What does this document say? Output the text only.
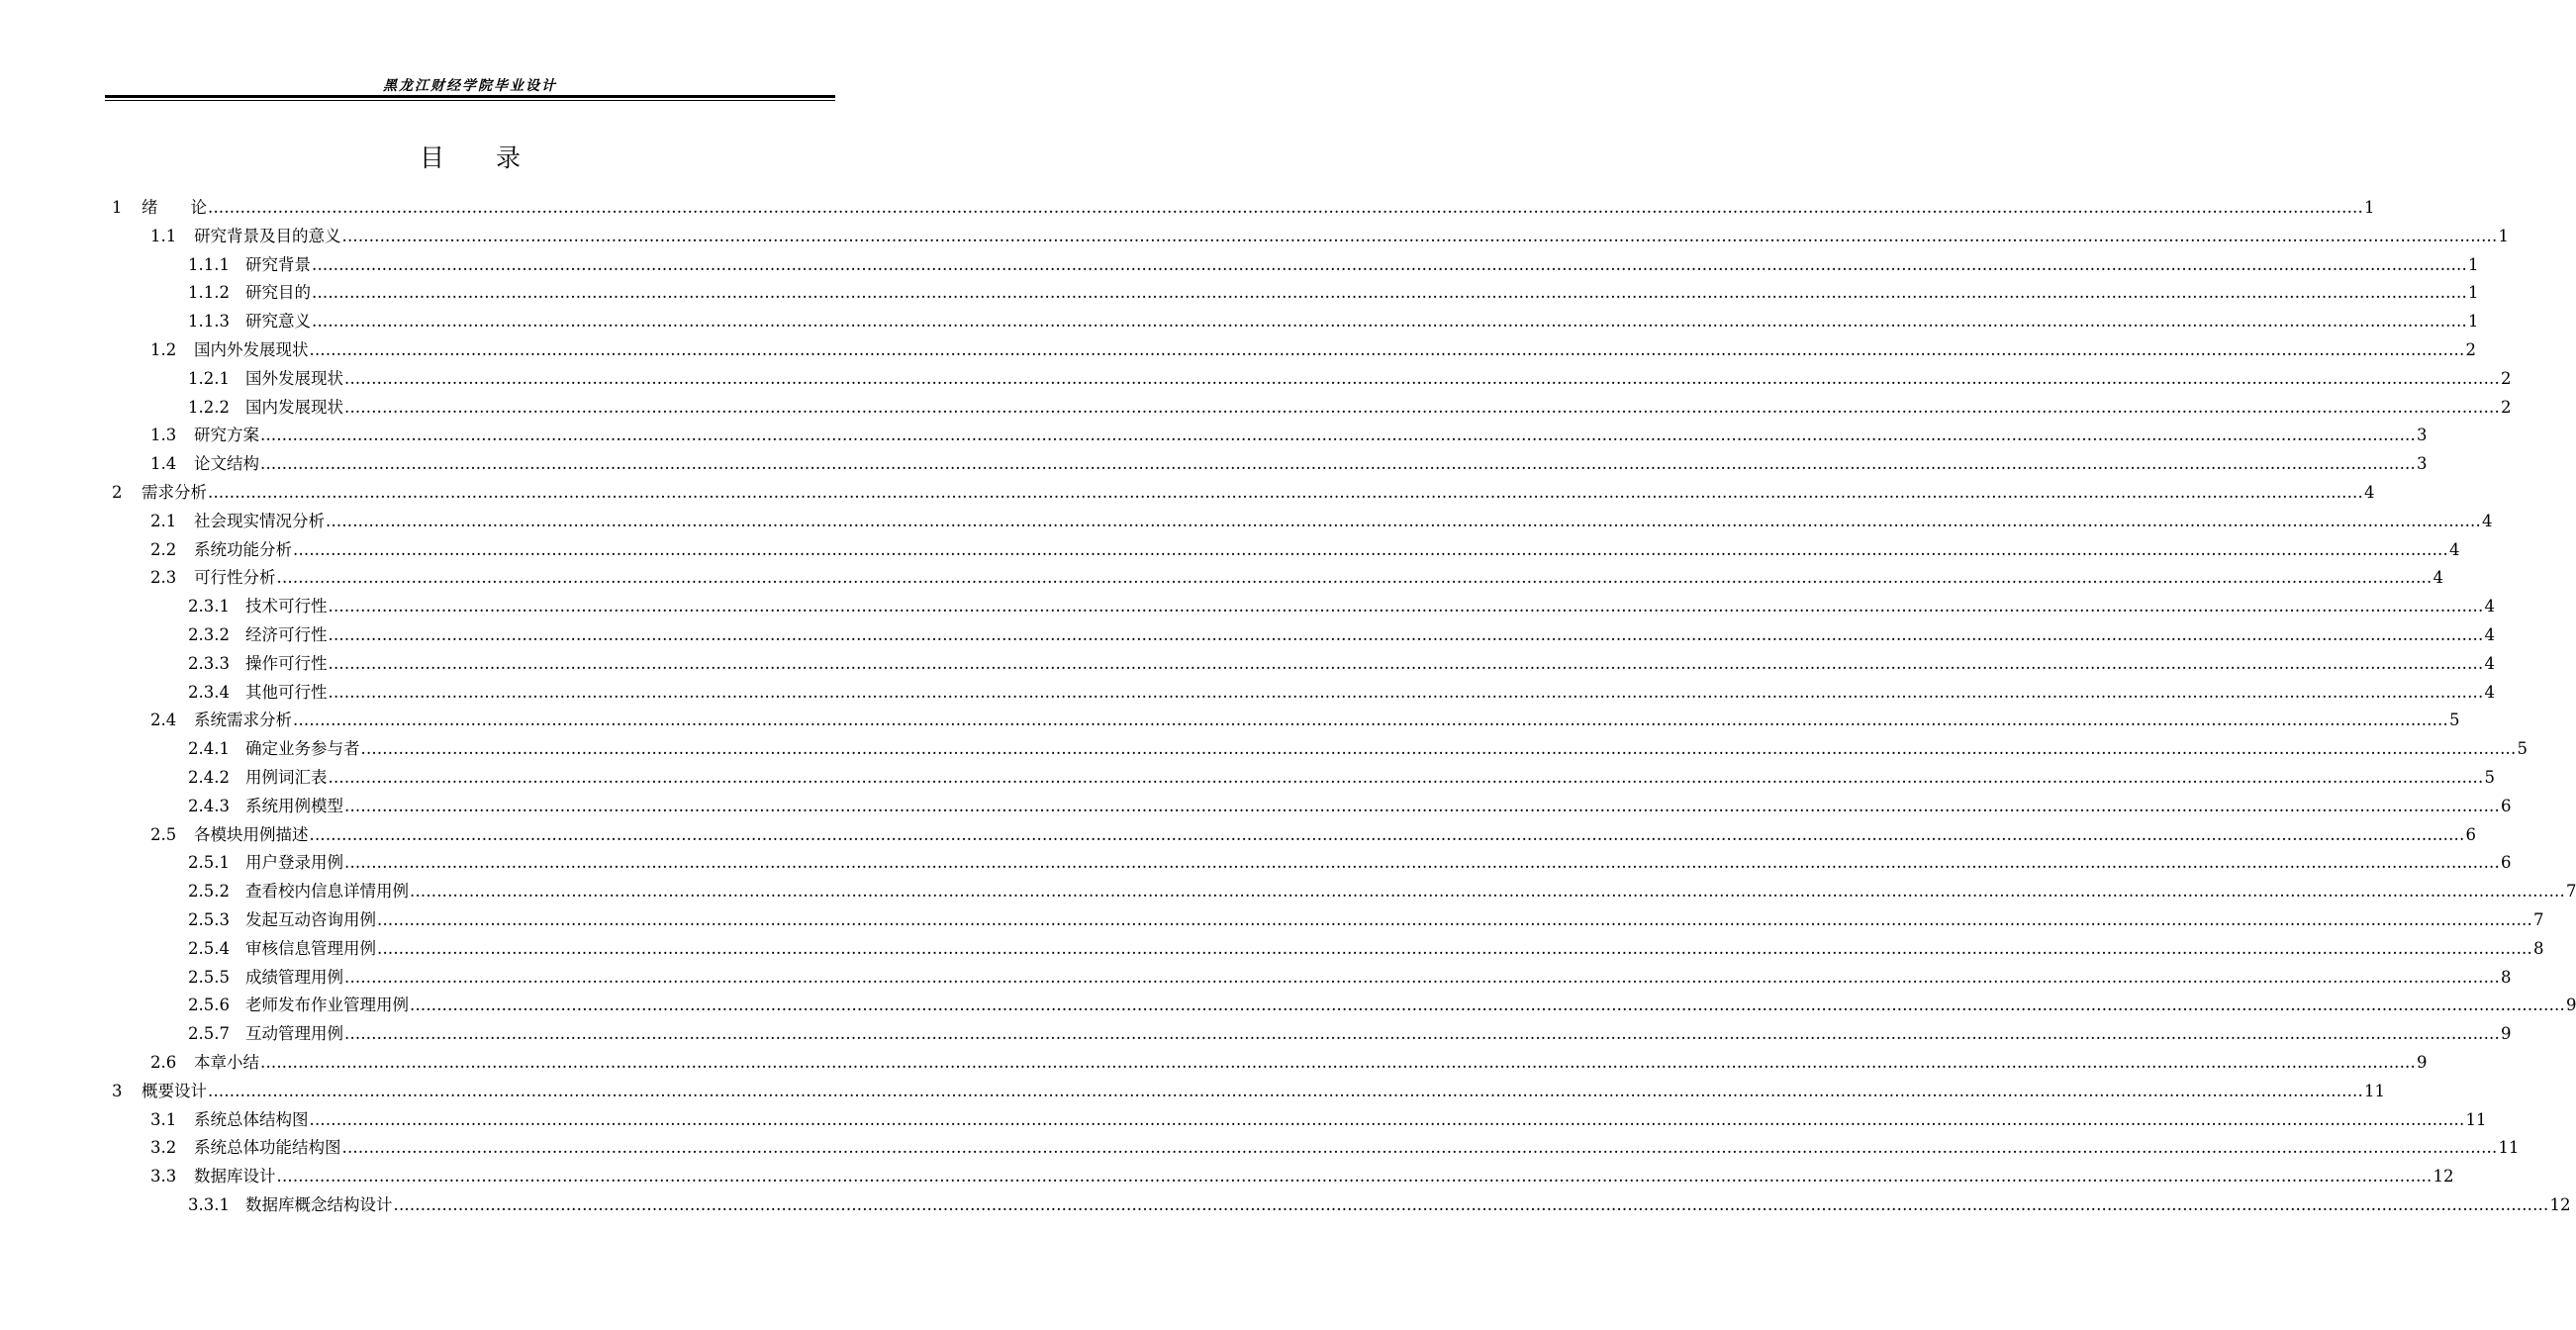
黑龙江财经学院毕业设计
目 录
1 绪　　论 ................................................................................................................................................................................................................................................................................................................................................................................................................ 1
1.1 研究背景及目的意义 ................................................................................................................................................................................................................................................................................................................................................................................................................ 1
1.1.1 研究背景 ................................................................................................................................................................................................................................................................................................................................................................................................................ 1
1.1.2 研究目的 ................................................................................................................................................................................................................................................................................................................................................................................................................ 1
1.1.3 研究意义 ................................................................................................................................................................................................................................................................................................................................................................................................................ 1
1.2 国内外发展现状 ................................................................................................................................................................................................................................................................................................................................................................................................................ 2
1.2.1 国外发展现状 ................................................................................................................................................................................................................................................................................................................................................................................................................ 2
1.2.2 国内发展现状 ................................................................................................................................................................................................................................................................................................................................................................................................................ 2
1.3 研究方案 ................................................................................................................................................................................................................................................................................................................................................................................................................ 3
1.4 论文结构 ................................................................................................................................................................................................................................................................................................................................................................................................................ 3
2 需求分析 ................................................................................................................................................................................................................................................................................................................................................................................................................ 4
2.1 社会现实情况分析 ................................................................................................................................................................................................................................................................................................................................................................................................................ 4
2.2 系统功能分析 ................................................................................................................................................................................................................................................................................................................................................................................................................ 4
2.3 可行性分析 ................................................................................................................................................................................................................................................................................................................................................................................................................ 4
2.3.1 技术可行性 ................................................................................................................................................................................................................................................................................................................................................................................................................ 4
2.3.2 经济可行性 ................................................................................................................................................................................................................................................................................................................................................................................................................ 4
2.3.3 操作可行性 ................................................................................................................................................................................................................................................................................................................................................................................................................ 4
2.3.4 其他可行性 ................................................................................................................................................................................................................................................................................................................................................................................................................ 4
2.4 系统需求分析 ................................................................................................................................................................................................................................................................................................................................................................................................................ 5
2.4.1 确定业务参与者 ................................................................................................................................................................................................................................................................................................................................................................................................................ 5
2.4.2 用例词汇表 ................................................................................................................................................................................................................................................................................................................................................................................................................ 5
2.4.3 系统用例模型 ................................................................................................................................................................................................................................................................................................................................................................................................................ 6
2.5 各模块用例描述 ................................................................................................................................................................................................................................................................................................................................................................................................................ 6
2.5.1 用户登录用例 ................................................................................................................................................................................................................................................................................................................................................................................................................ 6
2.5.2 查看校内信息详情用例 ................................................................................................................................................................................................................................................................................................................................................................................................................ 7
2.5.3 发起互动咨询用例 ................................................................................................................................................................................................................................................................................................................................................................................................................ 7
2.5.4 审核信息管理用例 ................................................................................................................................................................................................................................................................................................................................................................................................................ 8
2.5.5 成绩管理用例 ................................................................................................................................................................................................................................................................................................................................................................................................................ 8
2.5.6 老师发布作业管理用例 ................................................................................................................................................................................................................................................................................................................................................................................................................ 9
2.5.7 互动管理用例 ................................................................................................................................................................................................................................................................................................................................................................................................................ 9
2.6 本章小结 ................................................................................................................................................................................................................................................................................................................................................................................................................ 9
3 概要设计 ................................................................................................................................................................................................................................................................................................................................................................................................................ 11
3.1 系统总体结构图 ................................................................................................................................................................................................................................................................................................................................................................................................................ 11
3.2 系统总体功能结构图 ................................................................................................................................................................................................................................................................................................................................................................................................................ 11
3.3 数据库设计 ................................................................................................................................................................................................................................................................................................................................................................................................................ 12
3.3.1 数据库概念结构设计 ................................................................................................................................................................................................................................................................................................................................................................................................................ 12
